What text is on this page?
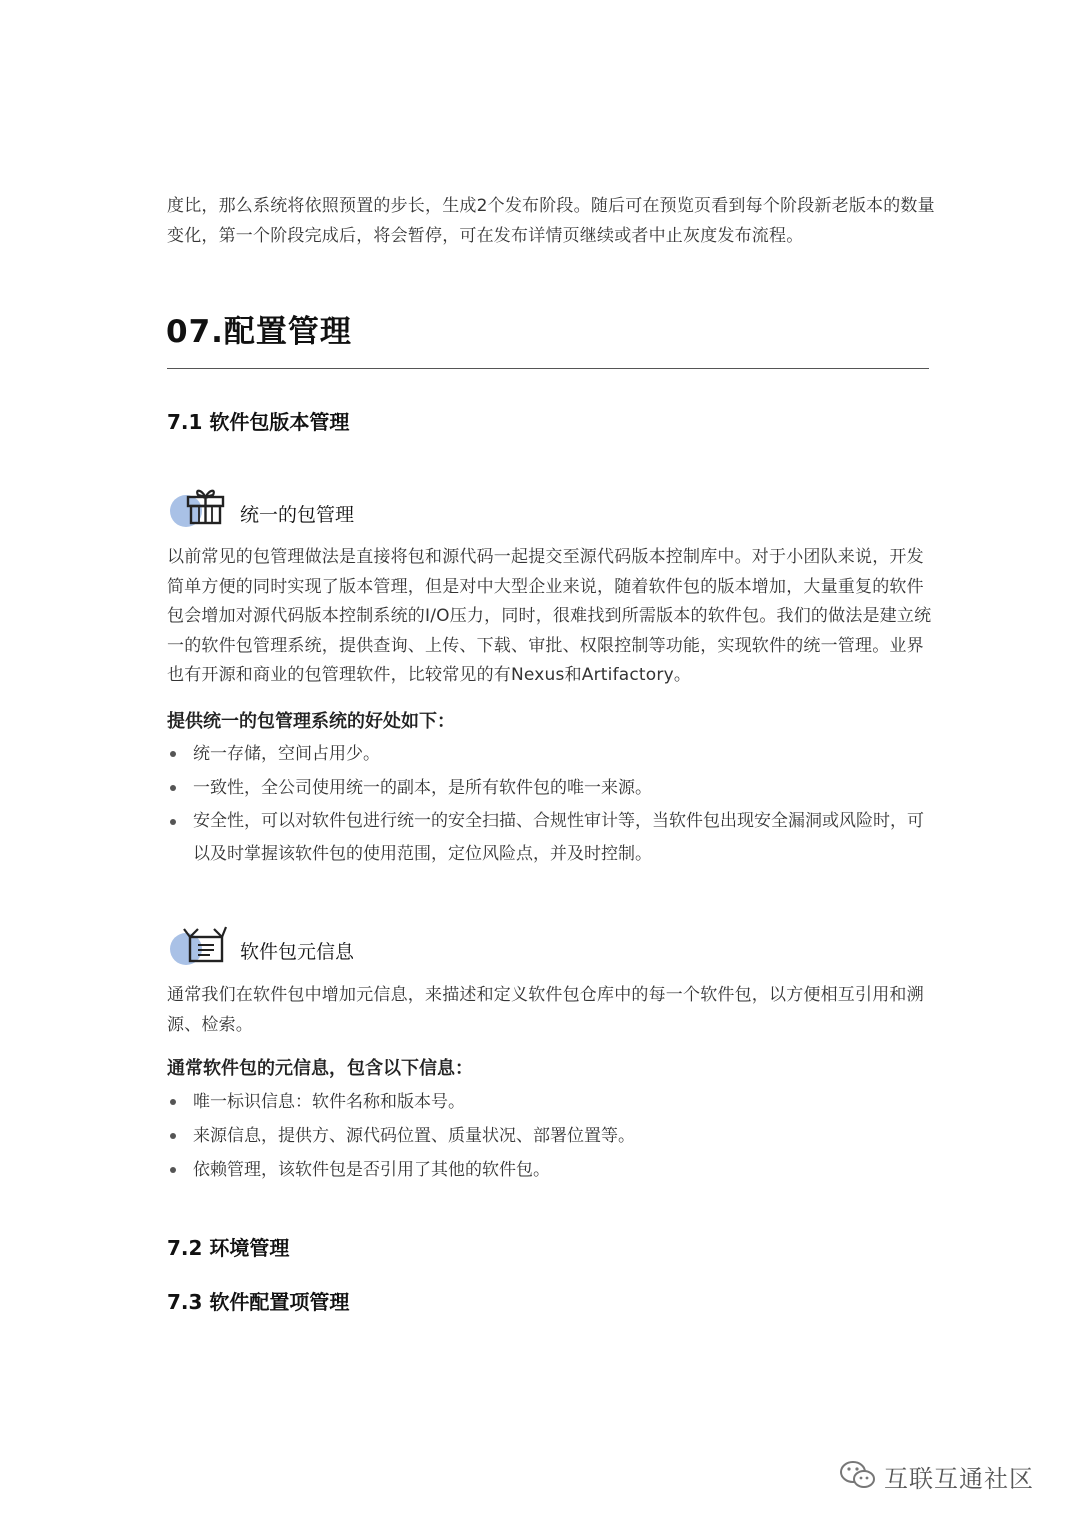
度比，那么系统将依照预置的步长，生成2个发布阶段。随后可在预览页看到每个阶段新老版本的数量变化，第一个阶段完成后，将会暂停，可在发布详情页继续或者中止灰度发布流程。

07.配置管理
7.1 软件包版本管理

统一的包管理

以前常见的包管理做法是直接将包和源代码一起提交至源代码版本控制库中。对于小团队来说，开发简单方便的同时实现了版本管理，但是对中大型企业来说，随着软件包的版本增加，大量重复的软件包会增加对源代码版本控制系统的I/O压力，同时，很难找到所需版本的软件包。我们的做法是建立统一的软件包管理系统，提供查询、上传、下载、审批、权限控制等功能，实现软件的统一管理。业界也有开源和商业的包管理软件，比较常见的有Nexus和Artifactory。

提供统一的包管理系统的好处如下：

统一存储，空间占用少。
一致性，全公司使用统一的副本，是所有软件包的唯一来源。
安全性，可以对软件包进行统一的安全扫描、合规性审计等，当软件包出现安全漏洞或风险时，可以及时掌握该软件包的使用范围，定位风险点，并及时控制。

软件包元信息

通常我们在软件包中增加元信息，来描述和定义软件包仓库中的每一个软件包，以方便相互引用和溯源、检索。

通常软件包的元信息，包含以下信息：

唯一标识信息：软件名称和版本号。
来源信息，提供方、源代码位置、质量状况、部署位置等。
依赖管理，该软件包是否引用了其他的软件包。
7.2 环境管理
7.3 软件配置项管理
互联互通社区
